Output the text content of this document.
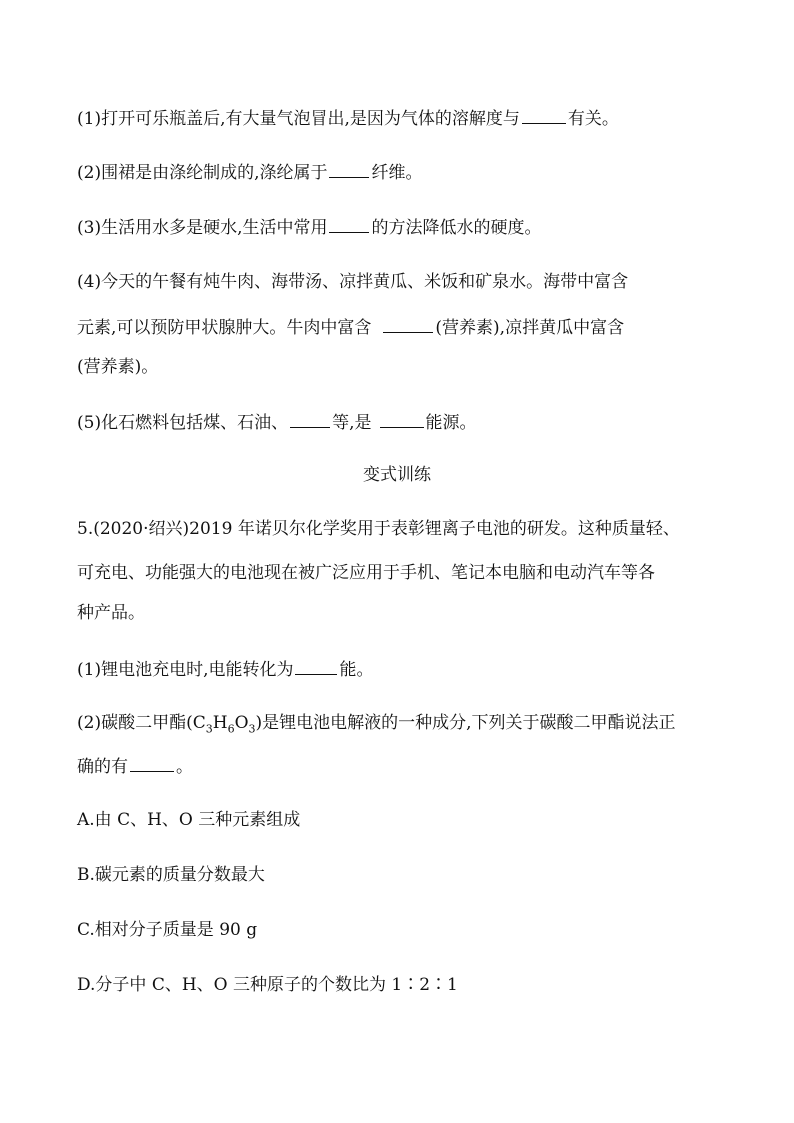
(1)打开可乐瓶盖后,有大量气泡冒出,是因为气体的溶解度与	有关。
(2)围裙是由涤纶制成的,涤纶属于	纤维。
(3)生活用水多是硬水,生活中常用	的方法降低水的硬度。
(4)今天的午餐有炖牛肉、海带汤、凉拌黄瓜、米饭和矿泉水。海带中富含
元素,可以预防甲状腺肿大。牛肉中富含	(营养素),凉拌黄瓜中富含
(营养素)。
(5)化石燃料包括煤、石油、	等,是	能源。
变式训练
5.(2020·绍兴)2019 年诺贝尔化学奖用于表彰锂离子电池的研发。这种质量轻、
可充电、功能强大的电池现在被广泛应用于手机、笔记本电脑和电动汽车等各
种产品。
(1)锂电池充电时,电能转化为	能。
(2)碳酸二甲酯$(C_3H_6O_3)$是锂电池电解液的一种成分,下列关于碳酸二甲酯说法正
确的有	。
A.由 C、H、O 三种元素组成
B.碳元素的质量分数最大
C.相对分子质量是 90 g
D.分子中 C、H、O 三种原子的个数比为 1∶2∶1
